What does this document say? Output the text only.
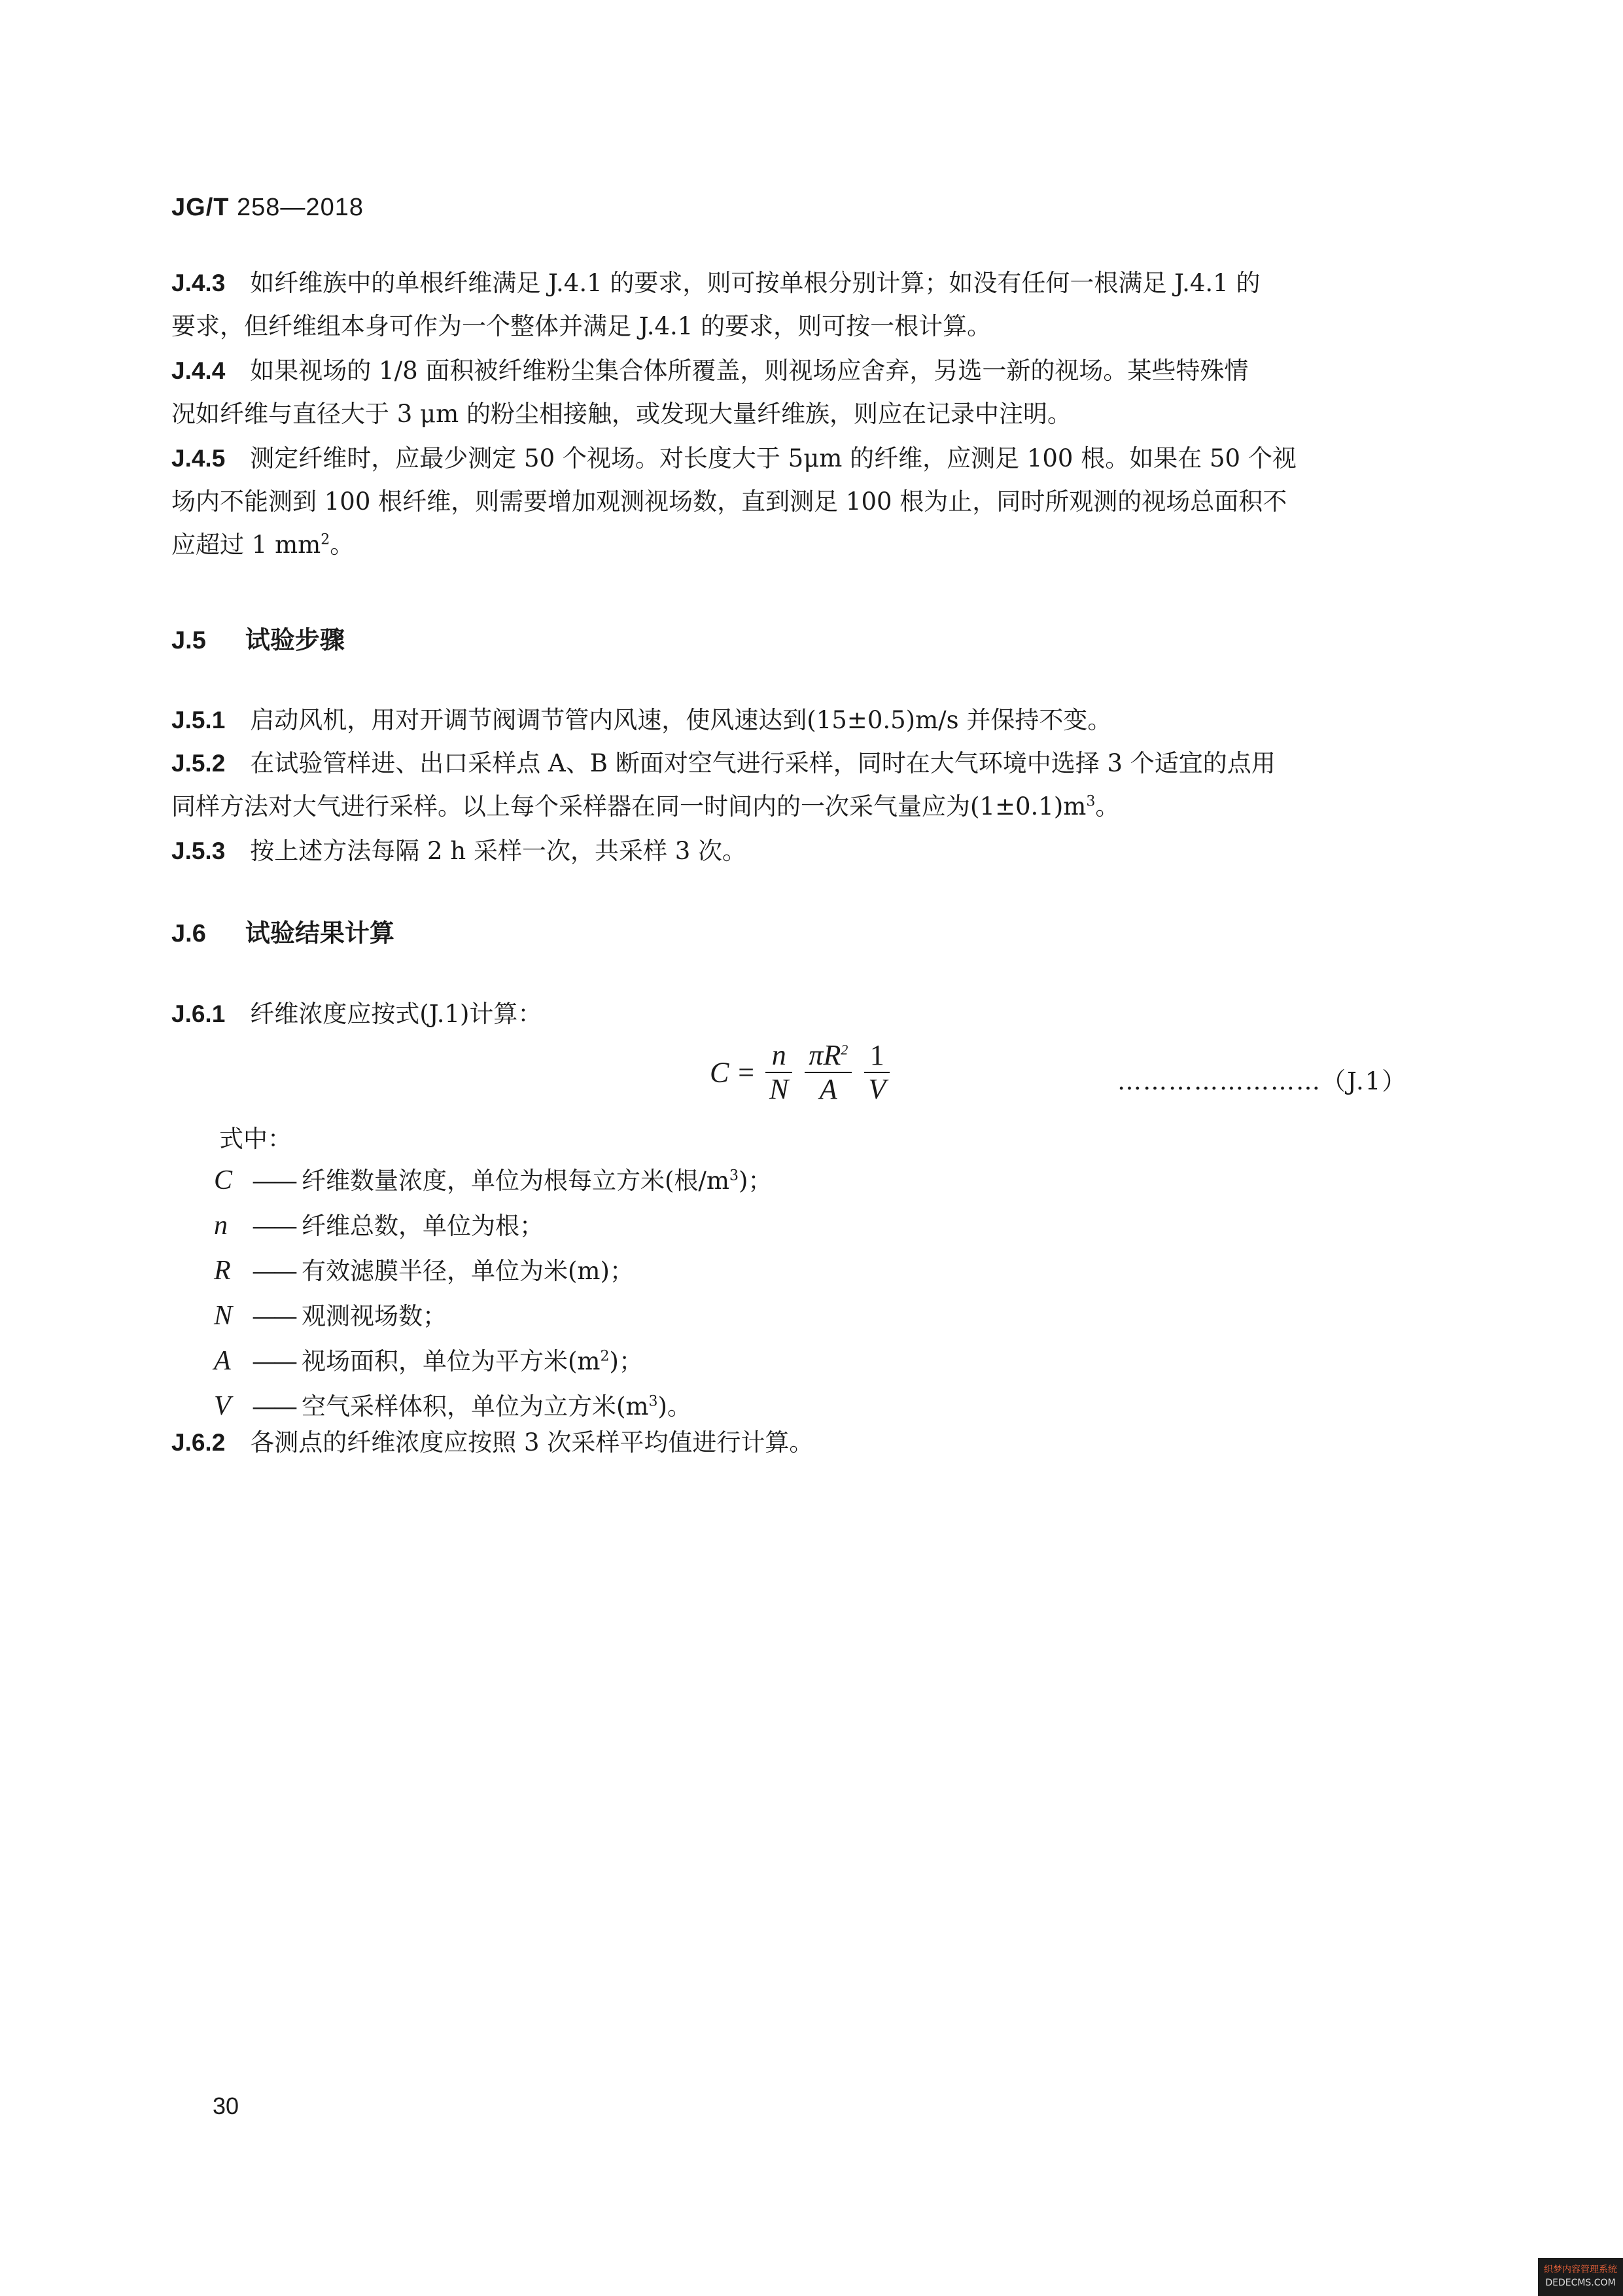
JG/T 258—2018
J.4.3 如纤维族中的单根纤维满足 J.4.1 的要求，则可按单根分别计算；如没有任何一根满足 J.4.1 的
要求，但纤维组本身可作为一个整体并满足 J.4.1 的要求，则可按一根计算。
J.4.4 如果视场的 1/8 面积被纤维粉尘集合体所覆盖，则视场应舍弃，另选一新的视场。某些特殊情
况如纤维与直径大于 3 μm 的粉尘相接触，或发现大量纤维族，则应在记录中注明。
J.4.5 测定纤维时，应最少测定 50 个视场。对长度大于 5μm 的纤维，应测足 100 根。如果在 50 个视
场内不能测到 100 根纤维，则需要增加观测视场数，直到测足 100 根为止，同时所观测的视场总面积不
应超过 1 $mm^2$。
J.5 试验步骤
J.5.1 启动风机，用对开调节阀调节管内风速，使风速达到(15±0.5)m/s 并保持不变。
J.5.2 在试验管样进、出口采样点 A、B 断面对空气进行采样，同时在大气环境中选择 3 个适宜的点用
同样方法对大气进行采样。以上每个采样器在同一时间内的一次采气量应为$(1\pm 0.1)m^3$。
J.5.3 按上述方法每隔 2 h 采样一次，共采样 3 次。
J.6 试验结果计算
J.6.1 纤维浓度应按式(J.1)计算：
$C = \frac{n}{N}$
$\frac{\pi R^2}{A}$
$\frac{1}{V}$	……………………（J.1）
式中：
C —— 纤维数量浓度，单位为根每立方米(根$/m^3$)；
n —— 纤维总数，单位为根；
R —— 有效滤膜半径，单位为米(m)；
N —— 观测视场数；
A —— 视场面积，单位为平方米$(m^2)$；
V —— 空气采样体积，单位为立方米$(m^3)$。
J.6.2 各测点的纤维浓度应按照 3 次采样平均值进行计算。
30
织梦内容管理系统
DEDECMS.COM
